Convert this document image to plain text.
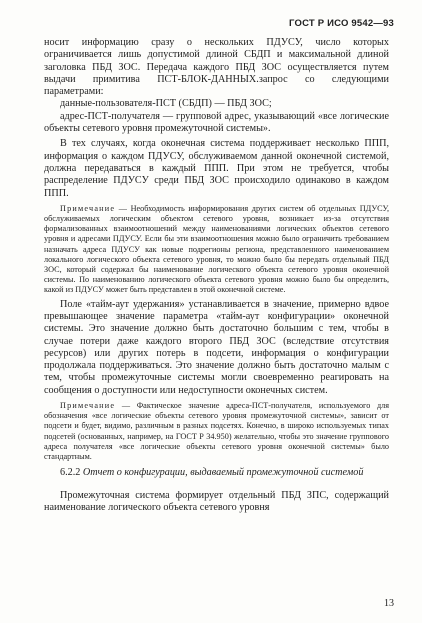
ГОСТ Р ИСО 9542—93

носит информацию сразу о нескольких ПДУСУ, число которых ограничивается лишь допустимой длиной СБДП и максимальной длиной заголовка ПБД ЗОС. Передача каждого ПБД ЗОС осуществляется путем выдачи примитива ПСТ-БЛОК-ДАННЫХ.запрос со следующими параметрами:

данные-пользователя-ПСТ (СБДП) — ПБД ЗОС;

адрес-ПСТ-получателя — групповой адрес, указывающий «все логические объекты сетевого уровня промежуточной системы».

В тех случаях, когда оконечная система поддерживает несколько ППП, информация о каждом ПДУСУ, обслуживаемом данной оконечной системой, должна передаваться в каждый ППП. При этом не требуется, чтобы распределение ПДУСУ среди ПБД ЗОС происходило одинаково в каждом ППП.

Примечание — Необходимость информирования других систем об отдельных ПДУСУ, обслуживаемых логическим объектом сетевого уровня, возникает из-за отсутствия формализованных взаимоотношений между наименованиями логических объектов сетевого уровня и адресами ПДУСУ. Если бы эти взаимоотношения можно было ограничить требованием назначать адреса ПДУСУ как новые подрегионы региона, представленного наименованием локального логического объекта сетевого уровня, то можно было бы передать отдельный ПБД ЗОС, который содержал бы наименование логического объекта сетевого уровня оконечной системы. По наименованию логического объекта сетевого уровня можно было бы определить, какой из ПДУСУ может быть представлен в этой оконечной системе.

Поле «тайм-аут удержания» устанавливается в значение, примерно вдвое превышающее значение параметра «тайм-аут конфигурации» оконечной системы. Это значение должно быть достаточно большим с тем, чтобы в случае потери даже каждого второго ПБД ЗОС (вследствие отсутствия ресурсов) или других потерь в подсети, информация о конфигурации продолжала поддерживаться. Это значение должно быть достаточно малым с тем, чтобы промежуточные системы могли своевременно реагировать на сообщения о доступности или недоступности оконечных систем.

Примечание — Фактическое значение адреса-ПСТ-получателя, используемого для обозначения «все логические объекты сетевого уровня промежуточной системы», зависит от подсети и будет, видимо, различным в разных подсетях. Конечно, в широко используемых типах подсетей (основанных, например, на ГОСТ Р 34.950) желательно, чтобы это значение группового адреса получателя «все логические объекты сетевого уровня оконечной системы» было стандартным.

6.2.2 Отчет о конфигурации, выдаваемый промежуточной системой

Промежуточная система формирует отдельный ПБД ЗПС, содержащий наименование логического объекта сетевого уровня

13
